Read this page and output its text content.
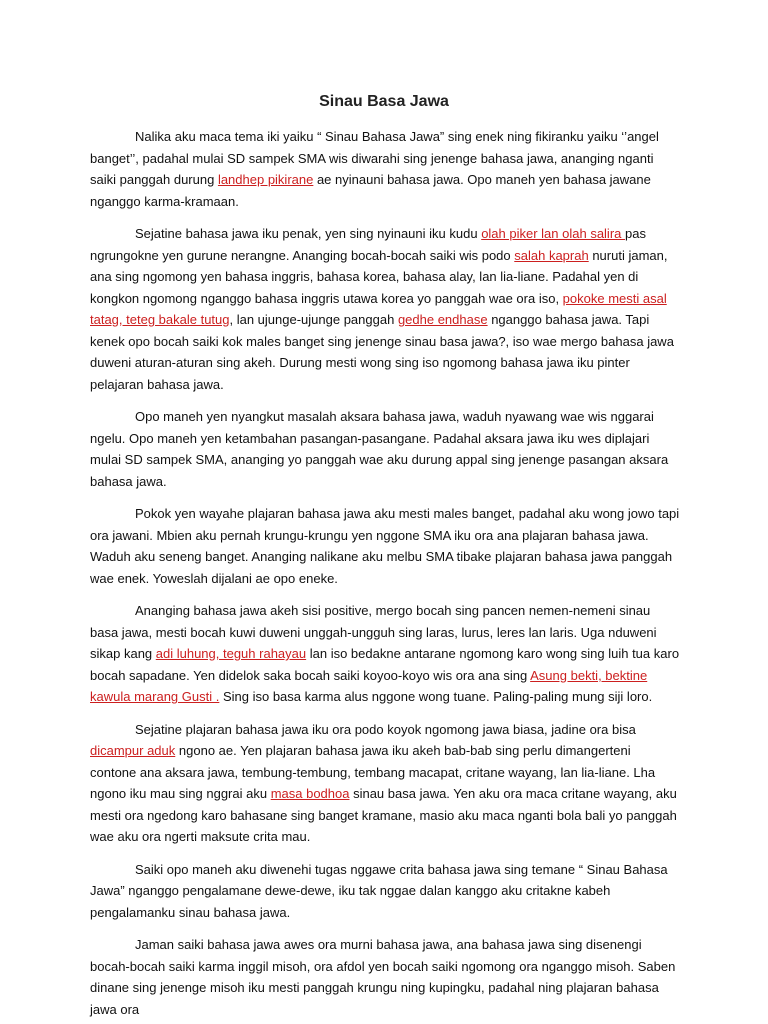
Sinau Basa Jawa

Nalika aku maca tema iki yaiku “ Sinau Bahasa Jawa” sing enek ning fikiranku yaiku ‘’angel banget’’, padahal mulai SD sampek SMA wis diwarahi sing jenenge bahasa jawa, ananging nganti saiki panggah durung landhep pikirane ae nyinauni bahasa jawa. Opo maneh yen bahasa jawane nganggo karma-kramaan.

Sejatine bahasa jawa iku penak, yen sing nyinauni iku kudu olah piker lan olah salira pas ngrungokne yen gurune nerangne. Ananging bocah-bocah saiki wis podo salah kaprah nuruti jaman, ana sing ngomong yen bahasa inggris, bahasa korea, bahasa alay, lan lia-liane. Padahal yen di kongkon ngomong nganggo bahasa inggris utawa korea yo panggah wae ora iso, pokoke mesti asal tatag, teteg bakale tutug, lan ujunge-ujunge panggah gedhe endhase nganggo bahasa jawa. Tapi kenek opo bocah saiki kok males banget sing jenenge sinau basa jawa?, iso wae mergo bahasa jawa duweni aturan-aturan sing akeh. Durung mesti wong sing iso ngomong bahasa jawa iku pinter pelajaran bahasa jawa.

Opo maneh yen nyangkut masalah aksara bahasa jawa, waduh nyawang wae wis nggarai ngelu. Opo maneh yen ketambahan pasangan-pasangane. Padahal aksara jawa iku wes diplajari mulai SD sampek SMA, ananging yo panggah wae aku durung appal sing jenenge pasangan aksara bahasa jawa.

Pokok yen wayahe plajaran bahasa jawa aku mesti males banget, padahal aku wong jowo tapi ora jawani. Mbien aku pernah krungu-krungu yen nggone SMA iku ora ana plajaran bahasa jawa. Waduh aku seneng banget. Ananging nalikane aku melbu SMA tibake plajaran bahasa jawa panggah wae enek. Yoweslah dijalani ae opo eneke.

Ananging bahasa jawa akeh sisi positive, mergo bocah sing pancen nemen-nemeni sinau basa jawa, mesti bocah kuwi duweni unggah-ungguh sing laras, lurus, leres lan laris. Uga nduweni sikap kang adi luhung, teguh rahayau lan iso bedakne antarane ngomong karo wong sing luih tua karo bocah sapadane. Yen didelok saka bocah saiki koyoo-koyo wis ora ana sing Asung bekti, bektine kawula marang Gusti . Sing iso basa karma alus nggone wong tuane. Paling-paling mung siji loro.

Sejatine plajaran bahasa jawa iku ora podo koyok ngomong jawa biasa, jadine ora bisa dicampur aduk ngono ae. Yen plajaran bahasa jawa iku akeh bab-bab sing perlu dimangerteni contone ana aksara jawa, tembung-tembung, tembang macapat, critane wayang, lan lia-liane. Lha ngono iku mau sing nggrai aku masa bodhoa sinau basa jawa. Yen aku ora maca critane wayang, aku mesti ora ngedong karo bahasane sing banget kramane, masio aku maca nganti bola bali yo panggah wae aku ora ngerti maksute crita mau.

Saiki opo maneh aku diwenehi tugas nggawe crita bahasa jawa sing temane “ Sinau Bahasa Jawa” nganggo pengalamane dewe-dewe, iku tak nggae dalan kanggo aku critakne kabeh pengalamanku sinau bahasa jawa.

Jaman saiki bahasa jawa awes ora murni bahasa jawa, ana bahasa jawa sing disenengi bocah-bocah saiki karma inggil misoh, ora afdol yen bocah saiki ngomong ora nganggo misoh. Saben dinane sing jenenge misoh iku mesti panggah krungu ning kupingku, padahal ning plajaran bahasa jawa ora
